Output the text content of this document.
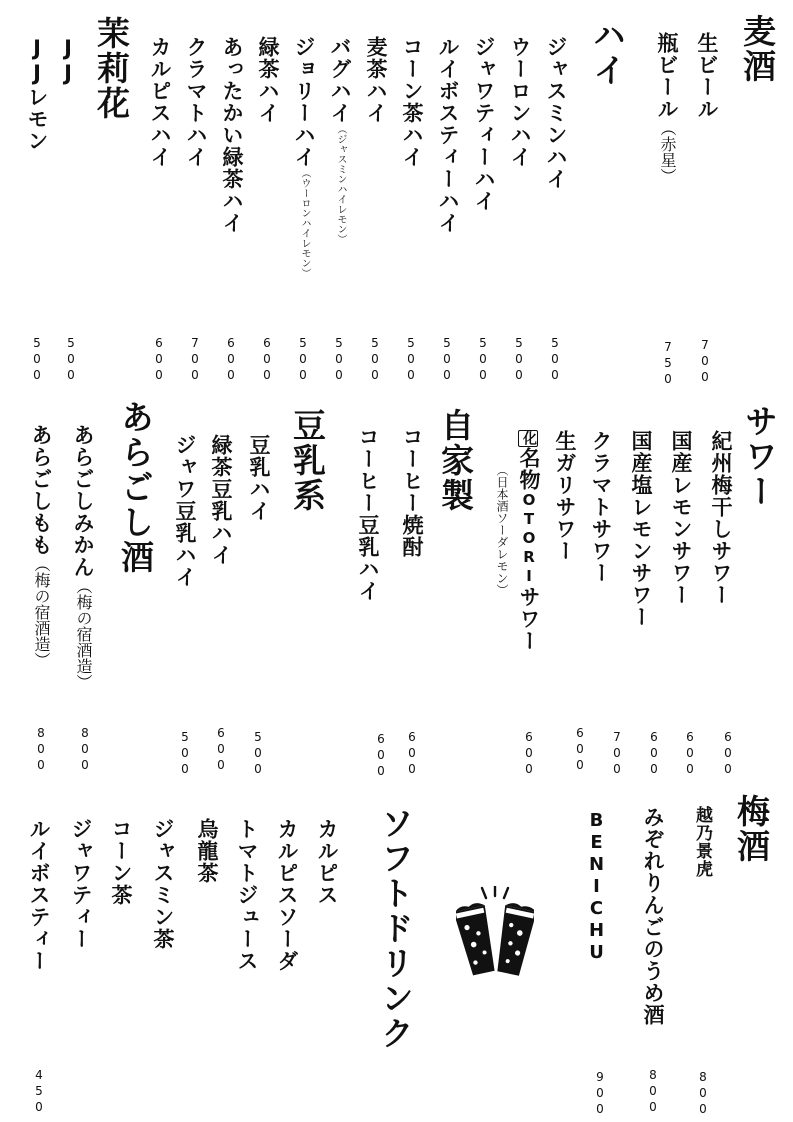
麦酒
生ビール
瓶ビール（赤星）
700
750
ハイ
ジャスミンハイ
ウーロンハイ
ジャワティーハイ
ルイボスティーハイ
コーン茶ハイ
麦茶ハイ
バグハイ（ジャスミンハイレモン）
ジョリーハイ（ウーロンハイレモン）
緑茶ハイ
あったかい緑茶ハイ
クラマトハイ
カルピスハイ
500
500
500
500
500
500
500
500
600
600
700
600
茉莉花
JJ
JJレモン
500
500
サワー
紀州梅干しサワー
国産レモンサワー
国産塩レモンサワー
クラマトサワー
生ガリサワー
化名物OTORIサワー
（日本酒ソーダレモン）
600
600
600
700
600
600
自家製
コーヒー焼酎
コーヒー豆乳ハイ
600
600
豆乳系
豆乳ハイ
緑茶豆乳ハイ
ジャワ豆乳ハイ
500
600
500
あらごし酒
あらごしみかん（梅の宿酒造）
あらごしもも（梅の宿酒造）
800
800
梅酒
越乃景虎
みぞれりんごのうめ酒
BENICHU
800
800
900
ソフトドリンク
カルピス
カルピスソーダ
トマトジュース
烏龍茶
ジャスミン茶
コーン茶
ジャワティー
ルイボスティー
450
